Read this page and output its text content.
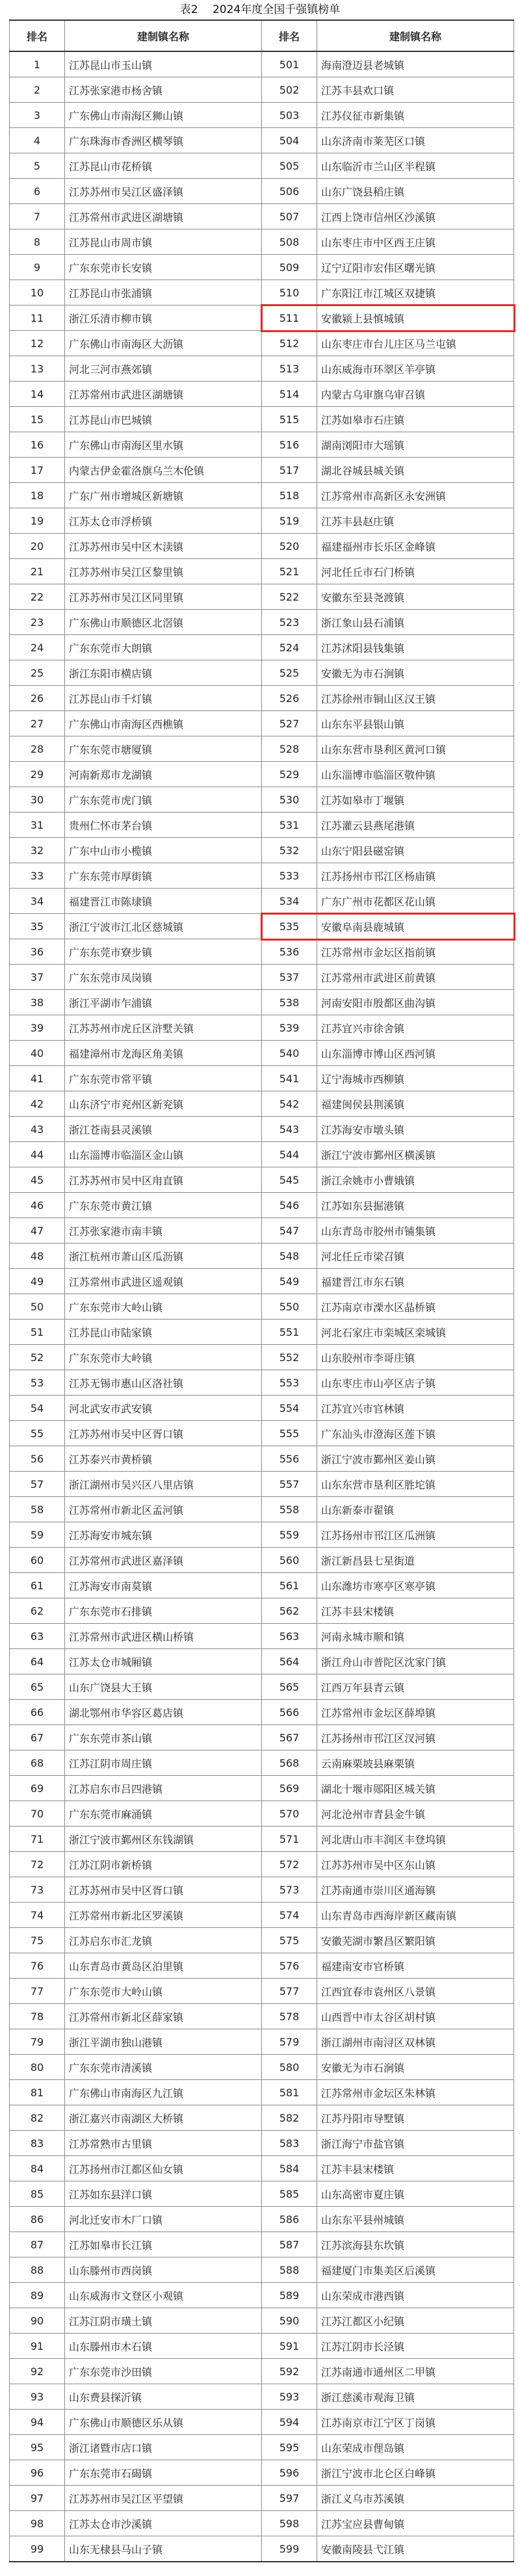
表2　 2024年度全国千强镇榜单
排名	建制镇名称	排名	建制镇名称
1	江苏昆山市玉山镇	501	海南澄迈县老城镇
2	江苏张家港市杨舍镇	502	江苏丰县欢口镇
3	广东佛山市南海区狮山镇	503	江苏仪征市新集镇
4	广东珠海市香洲区横琴镇	504	山东济南市莱芜区口镇
5	江苏昆山市花桥镇	505	山东临沂市兰山区半程镇
6	江苏苏州市吴江区盛泽镇	506	山东广饶县稻庄镇
7	江苏常州市武进区湖塘镇	507	江西上饶市信州区沙溪镇
8	江苏昆山市周市镇	508	山东枣庄市中区西王庄镇
9	广东东莞市长安镇	509	辽宁辽阳市宏伟区曙光镇
10	江苏昆山市张浦镇	510	广东阳江市江城区双捷镇
11	浙江乐清市柳市镇	511	安徽颍上县慎城镇
12	广东佛山市南海区大沥镇	512	山东枣庄市台儿庄区马兰屯镇
13	河北三河市燕郊镇	513	山东威海市环翠区羊亭镇
14	江苏常州市武进区湖塘镇	514	内蒙古乌审旗乌审召镇
15	江苏昆山市巴城镇	515	江苏如皋市石庄镇
16	广东佛山市南海区里水镇	516	湖南浏阳市大瑶镇
17	内蒙古伊金霍洛旗乌兰木伦镇	517	湖北谷城县城关镇
18	广东广州市增城区新塘镇	518	江苏常州市高新区永安洲镇
19	江苏太仓市浮桥镇	519	江苏丰县赵庄镇
20	江苏苏州市吴中区木渎镇	520	福建福州市长乐区金峰镇
21	江苏苏州市吴江区黎里镇	521	河北任丘市石门桥镇
22	江苏苏州市吴江区同里镇	522	安徽东至县尧渡镇
23	广东佛山市顺德区北滘镇	523	浙江象山县石浦镇
24	广东东莞市大朗镇	524	江苏沭阳县钱集镇
25	浙江东阳市横店镇	525	安徽无为市石涧镇
26	江苏昆山市千灯镇	526	江苏徐州市铜山区汉王镇
27	广东佛山市南海区西樵镇	527	山东东平县银山镇
28	广东东莞市塘厦镇	528	山东东营市垦利区黄河口镇
29	河南新郑市龙湖镇	529	山东淄博市临淄区敬仲镇
30	广东东莞市虎门镇	530	江苏如皋市丁堰镇
31	贵州仁怀市茅台镇	531	江苏灌云县燕尾港镇
32	广东中山市小榄镇	532	山东宁阳县磁窑镇
33	广东东莞市厚街镇	533	江苏扬州市邗江区杨庙镇
34	福建晋江市陈埭镇	534	广东广州市花都区花山镇
35	浙江宁波市江北区慈城镇	535	安徽阜南县鹿城镇
36	广东东莞市寮步镇	536	江苏常州市金坛区指前镇
37	广东东莞市凤岗镇	537	江苏常州市武进区前黄镇
38	浙江平湖市乍浦镇	538	河南安阳市殷都区曲沟镇
39	江苏苏州市虎丘区浒墅关镇	539	江苏宜兴市徐舍镇
40	福建漳州市龙海区角美镇	540	山东淄博市博山区西河镇
41	广东东莞市常平镇	541	辽宁海城市西柳镇
42	山东济宁市兖州区新兖镇	542	福建闽侯县荆溪镇
43	浙江苍南县灵溪镇	543	江苏海安市墩头镇
44	山东淄博市临淄区金山镇	544	浙江宁波市鄞州区横溪镇
45	江苏苏州市吴中区甪直镇	545	浙江余姚市小曹娥镇
46	广东东莞市黄江镇	546	江苏如东县掘港镇
47	江苏张家港市南丰镇	547	山东青岛市胶州市铺集镇
48	浙江杭州市萧山区瓜沥镇	548	河北任丘市梁召镇
49	江苏常州市武进区遥观镇	549	福建晋江市东石镇
50	广东东莞市大岭山镇	550	江苏南京市溧水区晶桥镇
51	江苏昆山市陆家镇	551	河北石家庄市栾城区栾城镇
52	广东东莞市大岭镇	552	山东胶州市李哥庄镇
53	江苏无锡市惠山区洛社镇	553	山东枣庄市山亭区店子镇
54	河北武安市武安镇	554	江苏宜兴市官林镇
55	江苏苏州市吴中区胥口镇	555	广东汕头市澄海区莲下镇
56	江苏泰兴市黄桥镇	556	浙江宁波市鄞州区姜山镇
57	浙江湖州市吴兴区八里店镇	557	山东东营市垦利区胜坨镇
58	江苏常州市新北区孟河镇	558	山东新泰市翟镇
59	江苏海安市城东镇	559	江苏扬州市邗江区瓜洲镇
60	江苏常州市武进区嘉泽镇	560	浙江新昌县七星街道
61	江苏海安市南莫镇	561	山东潍坊市寒亭区寒亭镇
62	广东东莞市石排镇	562	江苏丰县宋楼镇
63	江苏常州市武进区横山桥镇	563	河南永城市顺和镇
64	江苏太仓市城厢镇	564	浙江舟山市普陀区沈家门镇
65	山东广饶县大王镇	565	江西万年县青云镇
66	湖北鄂州市华容区葛店镇	566	江苏常州市金坛区薛埠镇
67	广东东莞市茶山镇	567	江苏扬州市邗江区汊河镇
68	江苏江阴市周庄镇	568	云南麻栗坡县麻栗镇
69	江苏启东市吕四港镇	569	湖北十堰市郧阳区城关镇
70	广东东莞市麻涌镇	570	河北沧州市青县金牛镇
71	浙江宁波市鄞州区东钱湖镇	571	河北唐山市丰润区丰登坞镇
72	江苏江阴市新桥镇	572	江苏苏州市吴中区东山镇
73	江苏苏州市吴中区胥口镇	573	江苏南通市崇川区通海镇
74	江苏常州市新北区罗溪镇	574	山东青岛市西海岸新区藏南镇
75	江苏启东市汇龙镇	575	安徽芜湖市繁昌区繁阳镇
76	山东青岛市黄岛区泊里镇	576	福建南安市官桥镇
77	广东东莞市大岭山镇	577	江西宜春市袁州区八景镇
78	江苏常州市新北区薛家镇	578	山西晋中市太谷区胡村镇
79	浙江平湖市独山港镇	579	浙江湖州市南浔区双林镇
80	广东东莞市清溪镇	580	安徽无为市石涧镇
81	广东佛山市南海区九江镇	581	江苏常州市金坛区朱林镇
82	浙江嘉兴市南湖区大桥镇	582	江苏丹阳市导墅镇
83	江苏常熟市古里镇	583	浙江海宁市盐官镇
84	江苏扬州市江都区仙女镇	584	江苏丰县宋楼镇
85	江苏如东县洋口镇	585	山东高密市夏庄镇
86	河北迁安市木厂口镇	586	山东东平县州城镇
87	江苏如皋市长江镇	587	江苏滨海县东坎镇
88	山东滕州市西岗镇	588	福建厦门市集美区后溪镇
89	山东威海市文登区小观镇	589	山东荣成市港西镇
90	江苏江阴市璜土镇	590	江苏江都区小纪镇
91	山东滕州市木石镇	591	江苏江阴市长泾镇
92	广东东莞市沙田镇	592	江苏南通市通州区二甲镇
93	山东费县探沂镇	593	浙江慈溪市观海卫镇
94	广东佛山市顺德区乐从镇	594	江苏南京市江宁区丁岗镇
95	浙江诸暨市店口镇	595	山东荣成市俚岛镇
96	广东东莞市石碣镇	596	浙江宁波市北仑区白峰镇
97	江苏苏州市吴江区平望镇	597	浙江义乌市苏溪镇
98	江苏太仓市沙溪镇	598	江苏宝应县曹甸镇
99	山东无棣县马山子镇	599	安徽南陵县弋江镇
